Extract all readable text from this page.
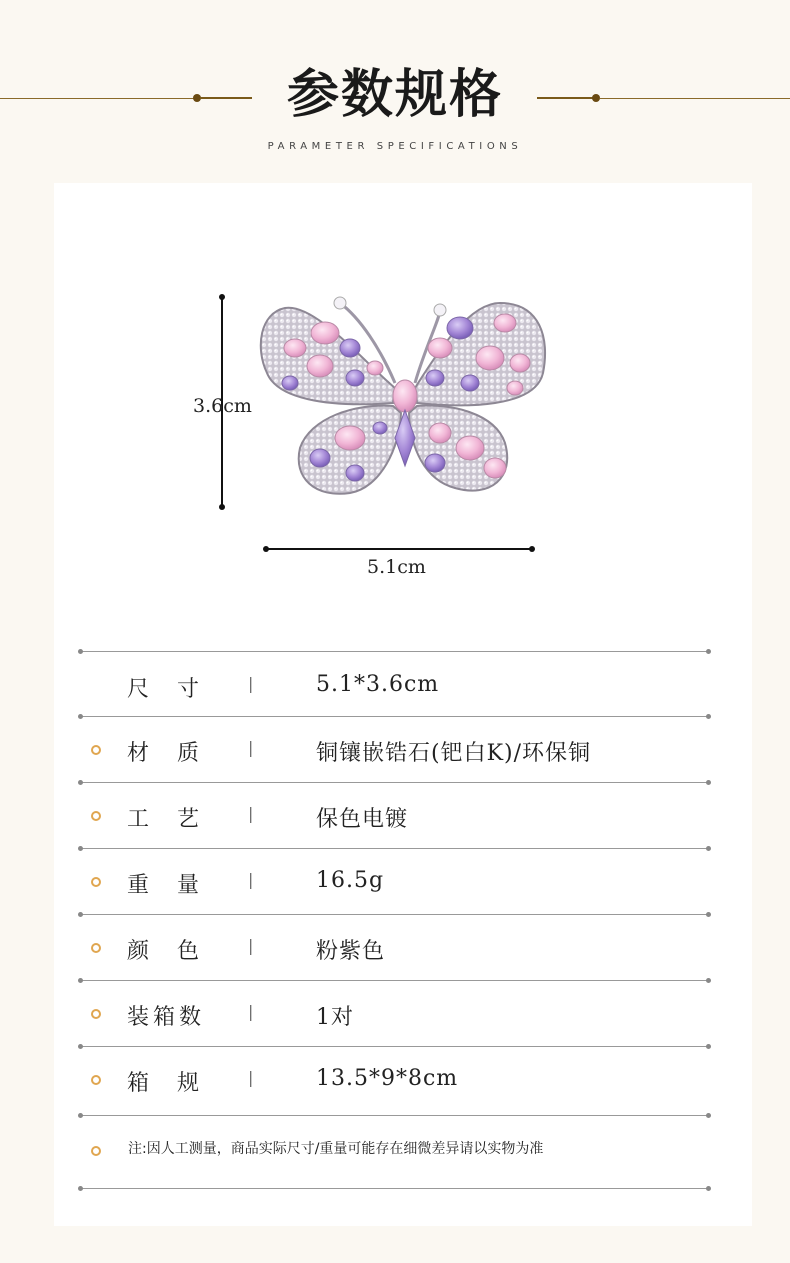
参数规格
PARAMETER SPECIFICATIONS
3.6cm
5.1cm
注:因人工测量，商品实际尺寸/重量可能存在细微差异请以实物为准
尺 寸	|	5.1*3.6cm
材 质	|	铜镶嵌锆石(钯白K)/环保铜
工 艺	|	保色电镀
重 量	|	16.5g
颜 色	|	粉紫色
装 箱 数	|	1对
箱 规	|	13.5*9*8cm
